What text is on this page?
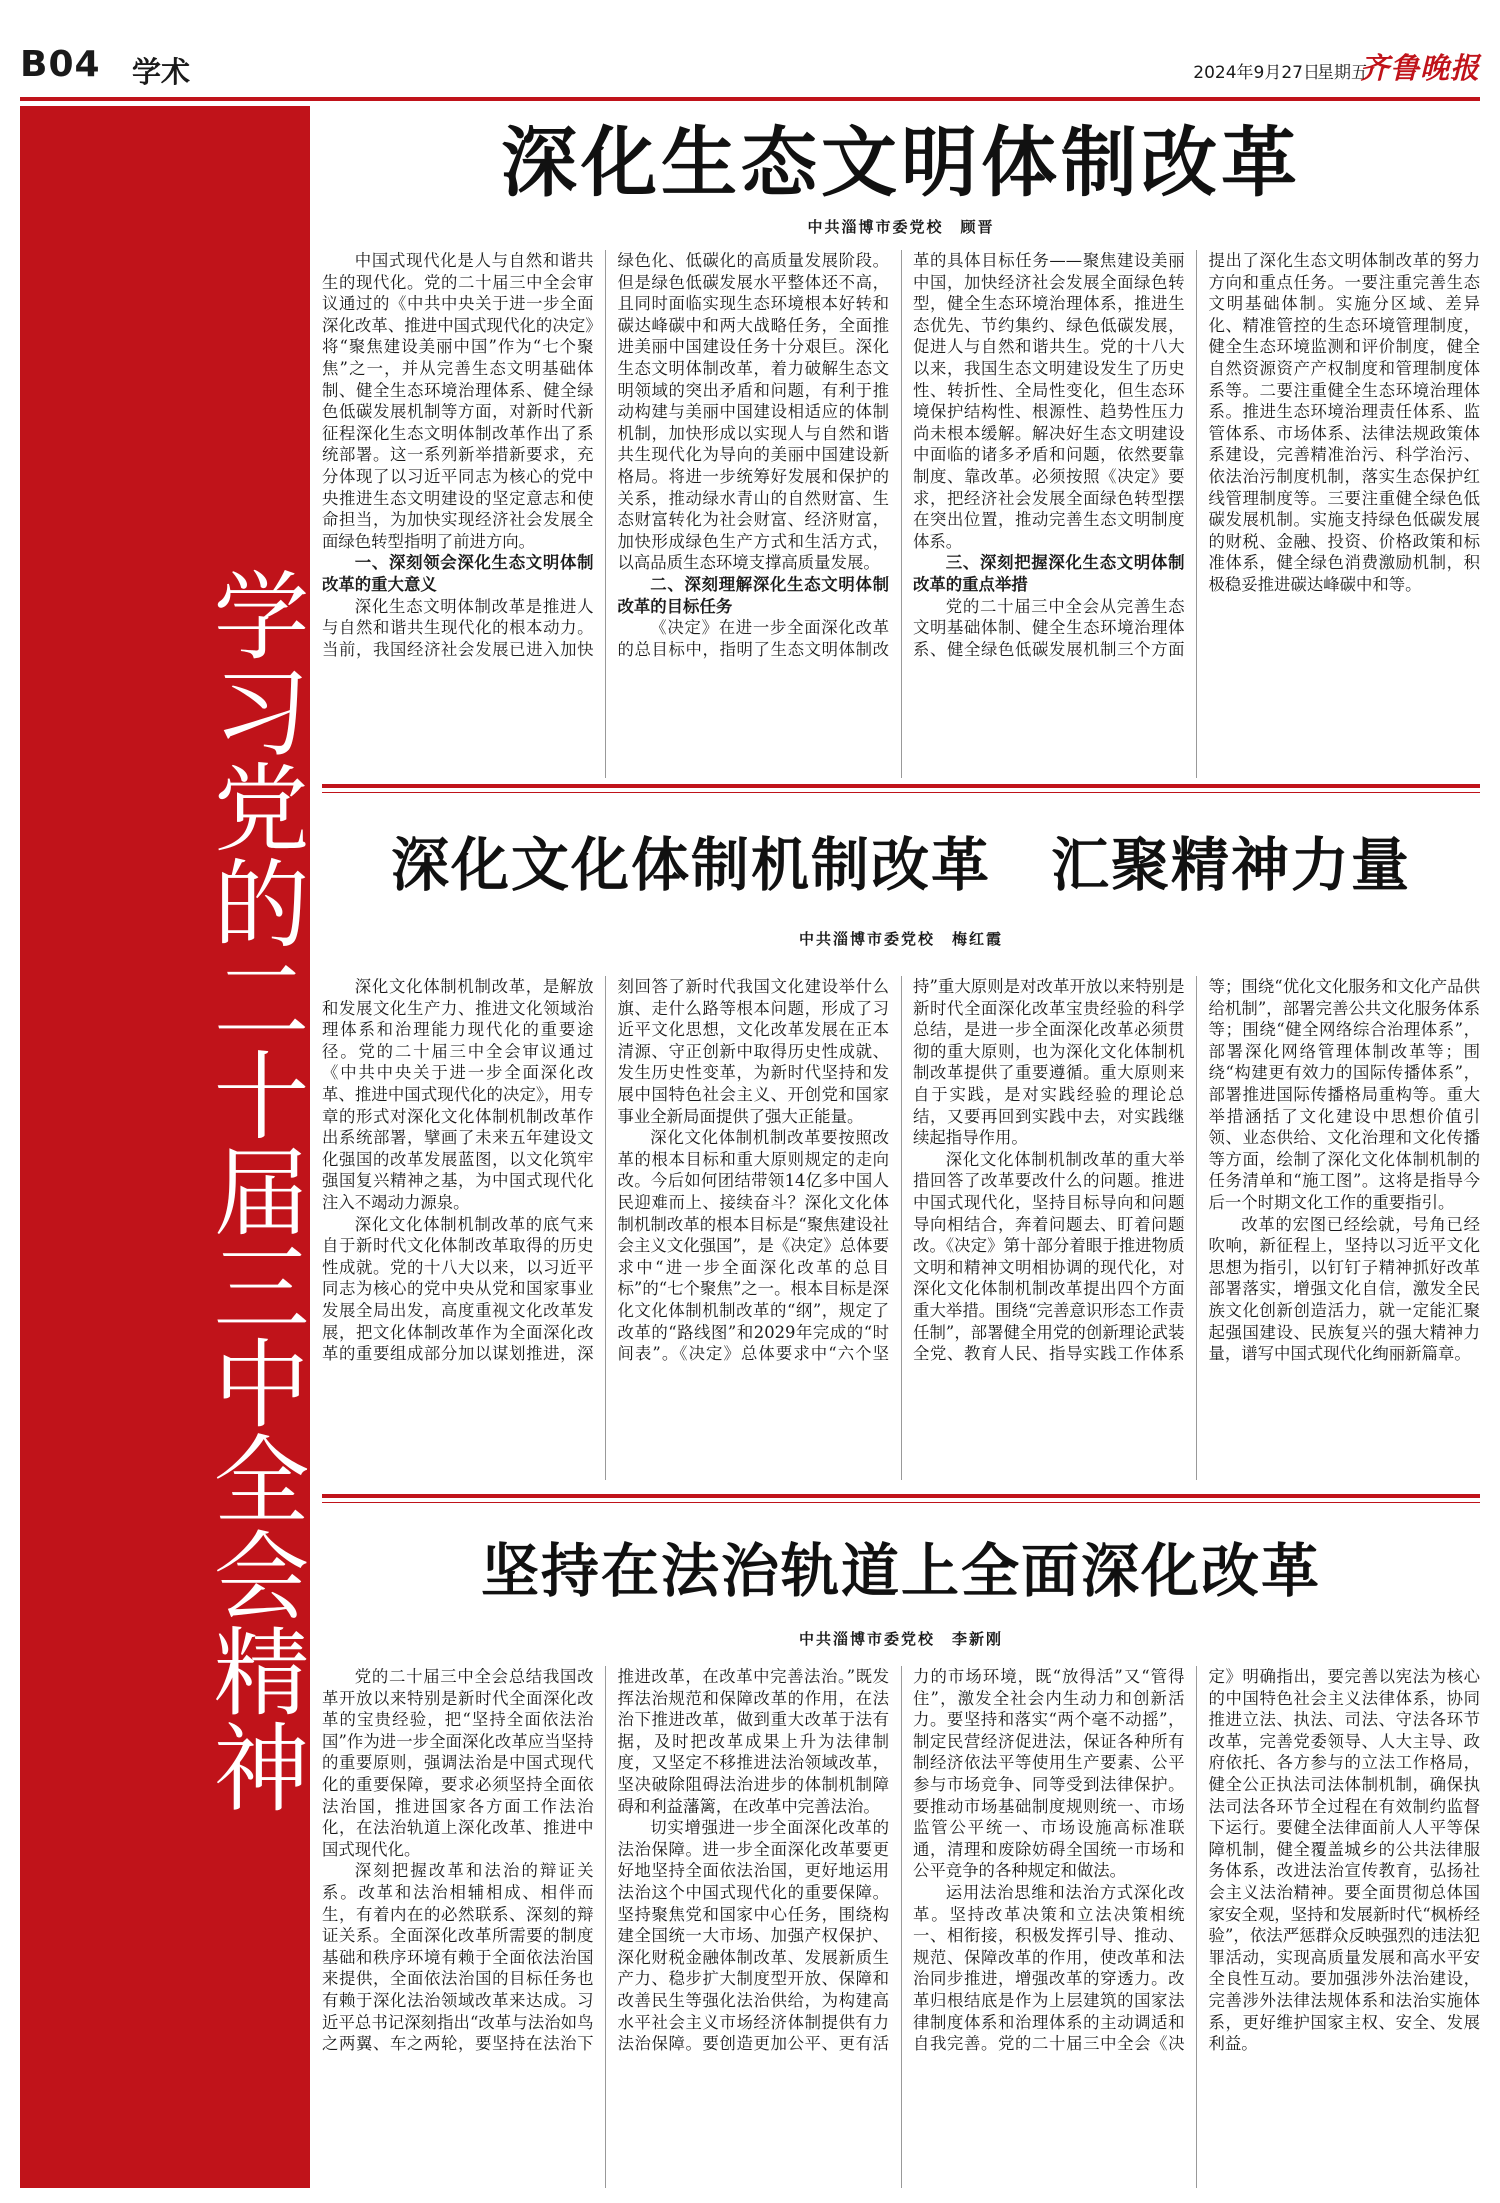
B04 学术	2024年9月27日
星期五
齐鲁晚报
学习党的二十届三中全会精神
深化生态文明体制改革
中共淄博市委党校　顾晋

中国式现代化是人与自然和谐共生的现代化。党的二十届三中全会审议通过的《中共中央关于进一步全面深化改革、推进中国式现代化的决定》将“聚焦建设美丽中国”作为“七个聚焦”之一，并从完善生态文明基础体制、健全生态环境治理体系、健全绿色低碳发展机制等方面，对新时代新征程深化生态文明体制改革作出了系统部署。这一系列新举措新要求，充分体现了以习近平同志为核心的党中央推进生态文明建设的坚定意志和使命担当，为加快实现经济社会发展全面绿色转型指明了前进方向。

一、深刻领会深化生态文明体制改革的重大意义

深化生态文明体制改革是推进人与自然和谐共生现代化的根本动力。当前，我国经济社会发展已进入加快绿色化、低碳化的高质量发展阶段。但是绿色低碳发展水平整体还不高，且同时面临实现生态环境根本好转和碳达峰碳中和两大战略任务，全面推进美丽中国建设任务十分艰巨。深化生态文明体制改革，着力破解生态文明领域的突出矛盾和问题，有利于推动构建与美丽中国建设相适应的体制机制，加快形成以实现人与自然和谐共生现代化为导向的美丽中国建设新格局。将进一步统筹好发展和保护的关系，推动绿水青山的自然财富、生态财富转化为社会财富、经济财富，加快形成绿色生产方式和生活方式，以高品质生态环境支撑高质量发展。

二、深刻理解深化生态文明体制改革的目标任务

《决定》在进一步全面深化改革的总目标中，指明了生态文明体制改革的具体目标任务——聚焦建设美丽中国，加快经济社会发展全面绿色转型，健全生态环境治理体系，推进生态优先、节约集约、绿色低碳发展，促进人与自然和谐共生。党的十八大以来，我国生态文明建设发生了历史性、转折性、全局性变化，但生态环境保护结构性、根源性、趋势性压力尚未根本缓解。解决好生态文明建设中面临的诸多矛盾和问题，依然要靠制度、靠改革。必须按照《决定》要求，把经济社会发展全面绿色转型摆在突出位置，推动完善生态文明制度体系。

三、深刻把握深化生态文明体制改革的重点举措

党的二十届三中全会从完善生态文明基础体制、健全生态环境治理体系、健全绿色低碳发展机制三个方面提出了深化生态文明体制改革的努力方向和重点任务。一要注重完善生态文明基础体制。实施分区域、差异化、精准管控的生态环境管理制度，健全生态环境监测和评价制度，健全自然资源资产产权制度和管理制度体系等。二要注重健全生态环境治理体系。推进生态环境治理责任体系、监管体系、市场体系、法律法规政策体系建设，完善精准治污、科学治污、依法治污制度机制，落实生态保护红线管理制度等。三要注重健全绿色低碳发展机制。实施支持绿色低碳发展的财税、金融、投资、价格政策和标准体系，健全绿色消费激励机制，积极稳妥推进碳达峰碳中和等。

深化文化体制机制改革　汇聚精神力量
中共淄博市委党校　梅红霞

深化文化体制机制改革，是解放和发展文化生产力、推进文化领域治理体系和治理能力现代化的重要途径。党的二十届三中全会审议通过《中共中央关于进一步全面深化改革、推进中国式现代化的决定》，用专章的形式对深化文化体制机制改革作出系统部署，擘画了未来五年建设文化强国的改革发展蓝图，以文化筑牢强国复兴精神之基，为中国式现代化注入不竭动力源泉。

深化文化体制机制改革的底气来自于新时代文化体制改革取得的历史性成就。党的十八大以来，以习近平同志为核心的党中央从党和国家事业发展全局出发，高度重视文化改革发展，把文化体制改革作为全面深化改革的重要组成部分加以谋划推进，深刻回答了新时代我国文化建设举什么旗、走什么路等根本问题，形成了习近平文化思想，文化改革发展在正本清源、守正创新中取得历史性成就、发生历史性变革，为新时代坚持和发展中国特色社会主义、开创党和国家事业全新局面提供了强大正能量。

深化文化体制机制改革要按照改革的根本目标和重大原则规定的走向改。今后如何团结带领14亿多中国人民迎难而上、接续奋斗？深化文化体制机制改革的根本目标是“聚焦建设社会主义文化强国”，是《决定》总体要求中“进一步全面深化改革的总目标”的“七个聚焦”之一。根本目标是深化文化体制机制改革的“纲”，规定了改革的“路线图”和2029年完成的“时间表”。《决定》总体要求中“六个坚持”重大原则是对改革开放以来特别是新时代全面深化改革宝贵经验的科学总结，是进一步全面深化改革必须贯彻的重大原则，也为深化文化体制机制改革提供了重要遵循。重大原则来自于实践，是对实践经验的理论总结，又要再回到实践中去，对实践继续起指导作用。

深化文化体制机制改革的重大举措回答了改革要改什么的问题。推进中国式现代化，坚持目标导向和问题导向相结合，奔着问题去、盯着问题改。《决定》第十部分着眼于推进物质文明和精神文明相协调的现代化，对深化文化体制机制改革提出四个方面重大举措。围绕“完善意识形态工作责任制”，部署健全用党的创新理论武装全党、教育人民、指导实践工作体系等；围绕“优化文化服务和文化产品供给机制”，部署完善公共文化服务体系等；围绕“健全网络综合治理体系”，部署深化网络管理体制改革等；围绕“构建更有效力的国际传播体系”，部署推进国际传播格局重构等。重大举措涵括了文化建设中思想价值引领、业态供给、文化治理和文化传播等方面，绘制了深化文化体制机制的任务清单和“施工图”。这将是指导今后一个时期文化工作的重要指引。

改革的宏图已经绘就，号角已经吹响，新征程上，坚持以习近平文化思想为指引，以钉钉子精神抓好改革部署落实，增强文化自信，激发全民族文化创新创造活力，就一定能汇聚起强国建设、民族复兴的强大精神力量，谱写中国式现代化绚丽新篇章。

坚持在法治轨道上全面深化改革
中共淄博市委党校　李新刚

党的二十届三中全会总结我国改革开放以来特别是新时代全面深化改革的宝贵经验，把“坚持全面依法治国”作为进一步全面深化改革应当坚持的重要原则，强调法治是中国式现代化的重要保障，要求必须坚持全面依法治国，推进国家各方面工作法治化，在法治轨道上深化改革、推进中国式现代化。

深刻把握改革和法治的辩证关系。改革和法治相辅相成、相伴而生，有着内在的必然联系、深刻的辩证关系。全面深化改革所需要的制度基础和秩序环境有赖于全面依法治国来提供，全面依法治国的目标任务也有赖于深化法治领域改革来达成。习近平总书记深刻指出“改革与法治如鸟之两翼、车之两轮，要坚持在法治下推进改革，在改革中完善法治。”既发挥法治规范和保障改革的作用，在法治下推进改革，做到重大改革于法有据，及时把改革成果上升为法律制度，又坚定不移推进法治领域改革，坚决破除阻碍法治进步的体制机制障碍和利益藩篱，在改革中完善法治。

切实增强进一步全面深化改革的法治保障。进一步全面深化改革要更好地坚持全面依法治国，更好地运用法治这个中国式现代化的重要保障。坚持聚焦党和国家中心任务，围绕构建全国统一大市场、加强产权保护、深化财税金融体制改革、发展新质生产力、稳步扩大制度型开放、保障和改善民生等强化法治供给，为构建高水平社会主义市场经济体制提供有力法治保障。要创造更加公平、更有活力的市场环境，既“放得活”又“管得住”，激发全社会内生动力和创新活力。要坚持和落实“两个毫不动摇”，制定民营经济促进法，保证各种所有制经济依法平等使用生产要素、公平参与市场竞争、同等受到法律保护。要推动市场基础制度规则统一、市场监管公平统一、市场设施高标准联通，清理和废除妨碍全国统一市场和公平竞争的各种规定和做法。

运用法治思维和法治方式深化改革。坚持改革决策和立法决策相统一、相衔接，积极发挥引导、推动、规范、保障改革的作用，使改革和法治同步推进，增强改革的穿透力。改革归根结底是作为上层建筑的国家法律制度体系和治理体系的主动调适和自我完善。党的二十届三中全会《决定》明确指出，要完善以宪法为核心的中国特色社会主义法律体系，协同推进立法、执法、司法、守法各环节改革，完善党委领导、人大主导、政府依托、各方参与的立法工作格局，健全公正执法司法体制机制，确保执法司法各环节全过程在有效制约监督下运行。要健全法律面前人人平等保障机制，健全覆盖城乡的公共法律服务体系，改进法治宣传教育，弘扬社会主义法治精神。要全面贯彻总体国家安全观，坚持和发展新时代“枫桥经验”，依法严惩群众反映强烈的违法犯罪活动，实现高质量发展和高水平安全良性互动。要加强涉外法治建设，完善涉外法律法规体系和法治实施体系，更好维护国家主权、安全、发展利益。
